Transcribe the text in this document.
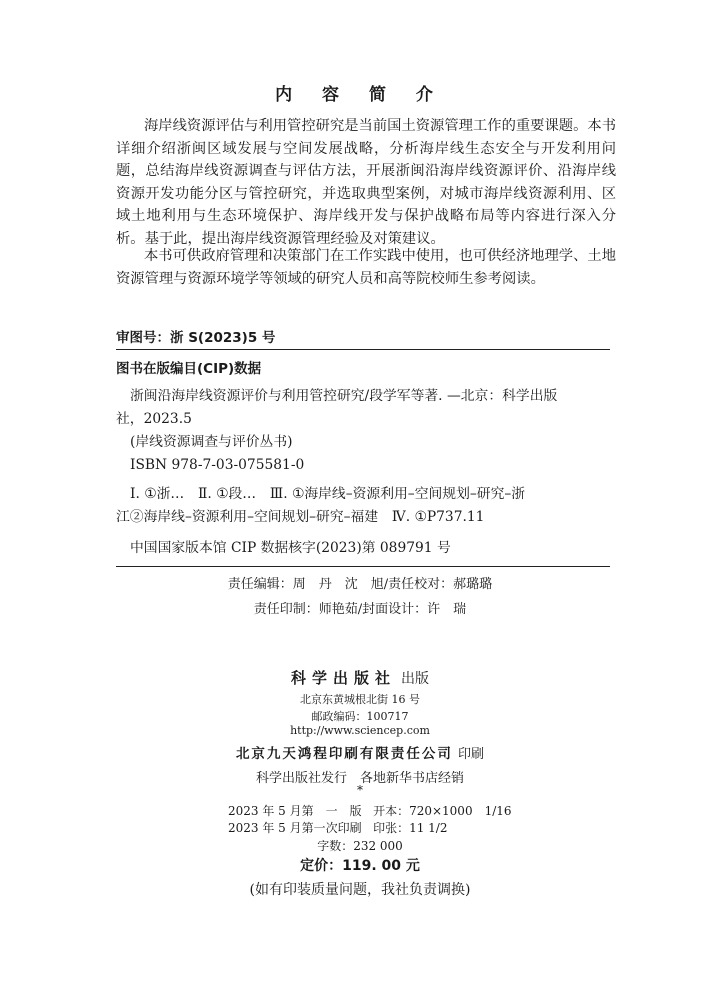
内 容 简 介

海岸线资源评估与利用管控研究是当前国土资源管理工作的重要课题。本书详细介绍浙闽区域发展与空间发展战略，分析海岸线生态安全与开发利用问题，总结海岸线资源调查与评估方法，开展浙闽沿海岸线资源评价、沿海岸线资源开发功能分区与管控研究，并选取典型案例，对城市海岸线资源利用、区域土地利用与生态环境保护、海岸线开发与保护战略布局等内容进行深入分析。基于此，提出海岸线资源管理经验及对策建议。

本书可供政府管理和决策部门在工作实践中使用，也可供经济地理学、土地资源管理与资源环境学等领域的研究人员和高等院校师生参考阅读。

审图号：浙 S(2023)5 号
图书在版编目(CIP)数据
浙闽沿海岸线资源评价与利用管控研究/段学军等著. —北京：科学出版
社，2023.5
(岸线资源调查与评价丛书)
ISBN 978-7-03-075581-0
Ⅰ. ①浙…　Ⅱ. ①段…　Ⅲ. ①海岸线–资源利用–空间规划–研究–浙
江②海岸线–资源利用–空间规划–研究–福建　Ⅳ. ①P737.11
中国国家版本馆 CIP 数据核字(2023)第 089791 号
责任编辑：周　丹　沈　旭/责任校对：郝璐璐
责任印制：师艳茹/封面设计：许　瑞
科学出版社 出版
北京东黄城根北街 16 号
邮政编码：100717
http://www.sciencep.com
北京九天鸿程印刷有限责任公司 印刷
科学出版社发行　各地新华书店经销
*
2023 年 5 月第　一　版 开本：720×1000　1/16
2023 年 5 月第一次印刷 印张：11 1/2
字数：232 000
定价：119. 00 元
(如有印装质量问题，我社负责调换)
